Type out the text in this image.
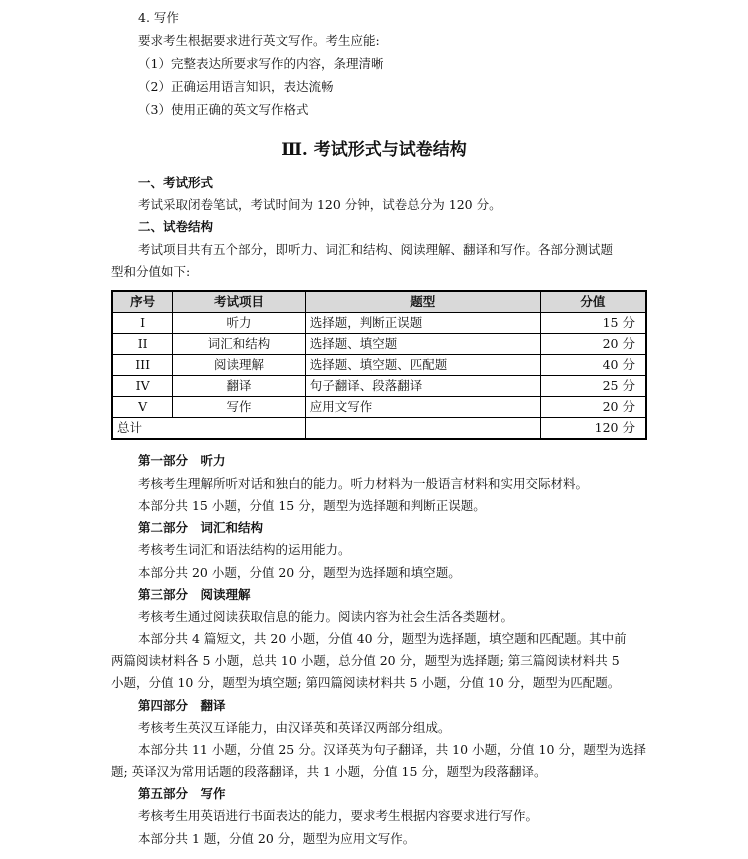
4. 写作
要求考生根据要求进行英文写作。考生应能:
（1）完整表达所要求写作的内容，条理清晰
（2）正确运用语言知识，表达流畅
（3）使用正确的英文写作格式
Ⅲ. 考试形式与试卷结构
一、考试形式
考试采取闭卷笔试，考试时间为 120 分钟，试卷总分为 120 分。
二、试卷结构
考试项目共有五个部分，即听力、词汇和结构、阅读理解、翻译和写作。各部分测试题
型和分值如下:
序号	考试项目	题型	分值
I	听力	选择题，判断正误题	15 分
II	词汇和结构	选择题、填空题	20 分
III	阅读理解	选择题、填空题、匹配题	40 分
IV	翻译	句子翻译、段落翻译	25 分
V	写作	应用文写作	20 分
总计			120 分
第一部分　听力
考核考生理解所听对话和独白的能力。听力材料为一般语言材料和实用交际材料。
本部分共 15 小题，分值 15 分，题型为选择题和判断正误题。
第二部分　词汇和结构
考核考生词汇和语法结构的运用能力。
本部分共 20 小题，分值 20 分，题型为选择题和填空题。
第三部分　阅读理解
考核考生通过阅读获取信息的能力。阅读内容为社会生活各类题材。
本部分共 4 篇短文，共 20 小题，分值 40 分，题型为选择题，填空题和匹配题。其中前
两篇阅读材料各 5 小题，总共 10 小题，总分值 20 分，题型为选择题; 第三篇阅读材料共 5
小题，分值 10 分，题型为填空题; 第四篇阅读材料共 5 小题，分值 10 分，题型为匹配题。
第四部分　翻译
考核考生英汉互译能力，由汉译英和英译汉两部分组成。
本部分共 11 小题，分值 25 分。汉译英为句子翻译，共 10 小题，分值 10 分，题型为选择
题; 英译汉为常用话题的段落翻译，共 1 小题，分值 15 分，题型为段落翻译。
第五部分　写作
考核考生用英语进行书面表达的能力，要求考生根据内容要求进行写作。
本部分共 1 题，分值 20 分，题型为应用文写作。
